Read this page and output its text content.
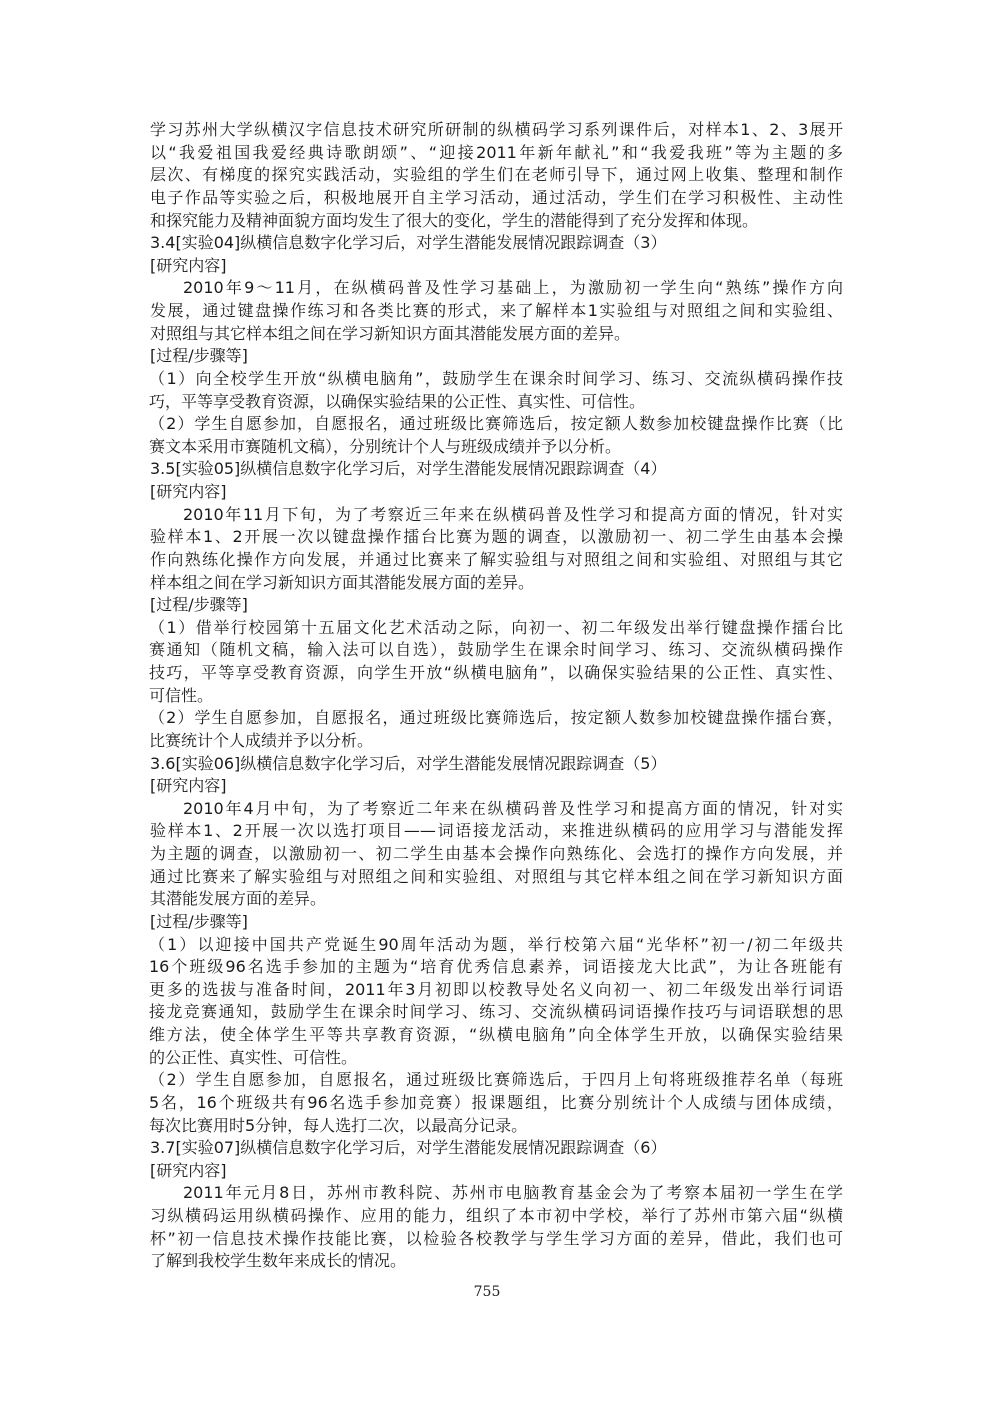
学习苏州大学纵横汉字信息技术研究所研制的纵横码学习系列课件后，对样本1、2、3展开
以“我爱祖国我爱经典诗歌朗颂”、“迎接2011年新年献礼”和“我爱我班”等为主题的多
层次、有梯度的探究实践活动，实验组的学生们在老师引导下，通过网上收集、整理和制作
电子作品等实验之后，积极地展开自主学习活动，通过活动，学生们在学习积极性、主动性
和探究能力及精神面貌方面均发生了很大的变化，学生的潜能得到了充分发挥和体现。
3.4[实验04]纵横信息数字化学习后，对学生潜能发展情况跟踪调查（3）
[研究内容]
2010年9～11月，在纵横码普及性学习基础上，为激励初一学生向“熟练”操作方向
发展，通过键盘操作练习和各类比赛的形式，来了解样本1实验组与对照组之间和实验组、
对照组与其它样本组之间在学习新知识方面其潜能发展方面的差异。
[过程/步骤等]
（1）向全校学生开放“纵横电脑角”，鼓励学生在课余时间学习、练习、交流纵横码操作技
巧，平等享受教育资源，以确保实验结果的公正性、真实性、可信性。
（2）学生自愿参加，自愿报名，通过班级比赛筛选后，按定额人数参加校键盘操作比赛（比
赛文本采用市赛随机文稿），分别统计个人与班级成绩并予以分析。
3.5[实验05]纵横信息数字化学习后，对学生潜能发展情况跟踪调查（4）
[研究内容]
2010年11月下旬，为了考察近三年来在纵横码普及性学习和提高方面的情况，针对实
验样本1、2开展一次以键盘操作擂台比赛为题的调查，以激励初一、初二学生由基本会操
作向熟练化操作方向发展，并通过比赛来了解实验组与对照组之间和实验组、对照组与其它
样本组之间在学习新知识方面其潜能发展方面的差异。
[过程/步骤等]
（1）借举行校园第十五届文化艺术活动之际，向初一、初二年级发出举行键盘操作擂台比
赛通知（随机文稿，输入法可以自选），鼓励学生在课余时间学习、练习、交流纵横码操作
技巧，平等享受教育资源，向学生开放“纵横电脑角”，以确保实验结果的公正性、真实性、
可信性。
（2）学生自愿参加，自愿报名，通过班级比赛筛选后，按定额人数参加校键盘操作擂台赛，
比赛统计个人成绩并予以分析。
3.6[实验06]纵横信息数字化学习后，对学生潜能发展情况跟踪调查（5）
[研究内容]
2010年4月中旬，为了考察近二年来在纵横码普及性学习和提高方面的情况，针对实
验样本1、2开展一次以选打项目——词语接龙活动，来推进纵横码的应用学习与潜能发挥
为主题的调查，以激励初一、初二学生由基本会操作向熟练化、会选打的操作方向发展，并
通过比赛来了解实验组与对照组之间和实验组、对照组与其它样本组之间在学习新知识方面
其潜能发展方面的差异。
[过程/步骤等]
（1）以迎接中国共产党诞生90周年活动为题，举行校第六届“光华杯”初一/初二年级共
16个班级96名选手参加的主题为“培育优秀信息素养，词语接龙大比武”，为让各班能有
更多的选拔与准备时间，2011年3月初即以校教导处名义向初一、初二年级发出举行词语
接龙竞赛通知，鼓励学生在课余时间学习、练习、交流纵横码词语操作技巧与词语联想的思
维方法，使全体学生平等共享教育资源，“纵横电脑角”向全体学生开放，以确保实验结果
的公正性、真实性、可信性。
（2）学生自愿参加，自愿报名，通过班级比赛筛选后，于四月上旬将班级推荐名单（每班
5名，16个班级共有96名选手参加竞赛）报课题组，比赛分别统计个人成绩与团体成绩，
每次比赛用时5分钟，每人选打二次，以最高分记录。
3.7[实验07]纵横信息数字化学习后，对学生潜能发展情况跟踪调查（6）
[研究内容]
2011年元月8日，苏州市教科院、苏州市电脑教育基金会为了考察本届初一学生在学
习纵横码运用纵横码操作、应用的能力，组织了本市初中学校，举行了苏州市第六届“纵横
杯”初一信息技术操作技能比赛，以检验各校教学与学生学习方面的差异，借此，我们也可
了解到我校学生数年来成长的情况。
755
